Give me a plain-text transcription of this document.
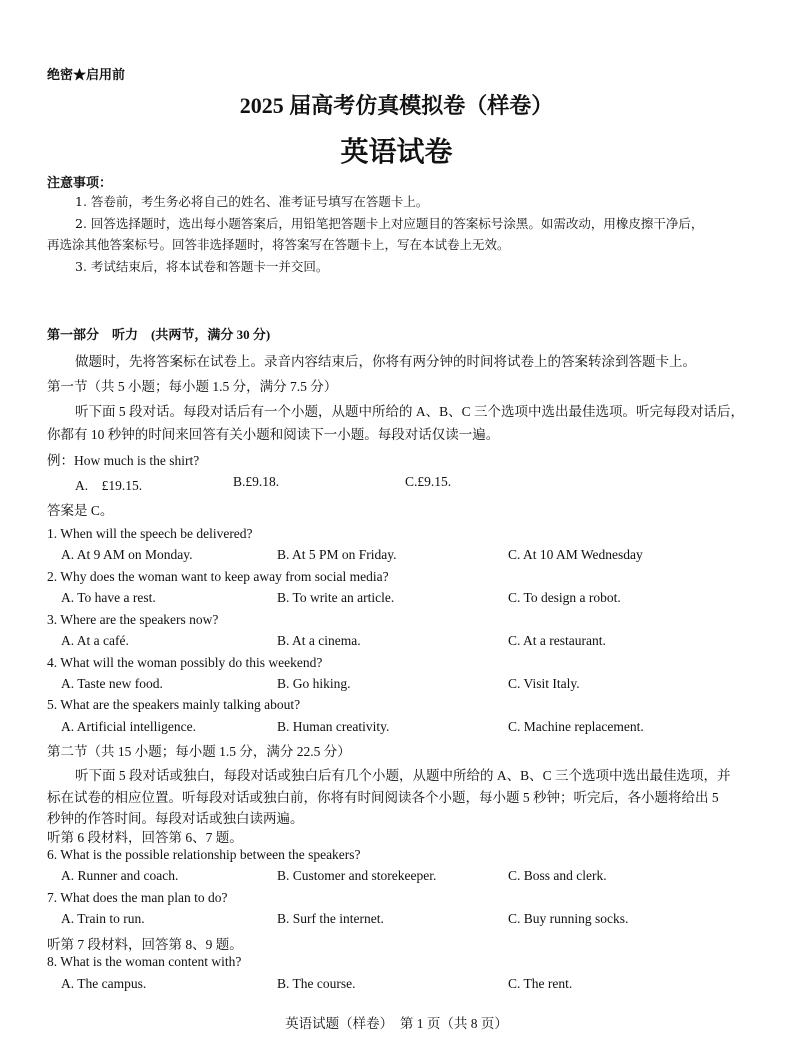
绝密★启用前
2025 届高考仿真模拟卷（样卷）
英语试卷
注意事项：
1. 答卷前，考生务必将自己的姓名、准考证号填写在答题卡上。
2. 回答选择题时，选出每小题答案后，用铅笔把答题卡上对应题目的答案标号涂黑。如需改动，用橡皮擦干净后，
再选涂其他答案标号。回答非选择题时，将答案写在答题卡上，写在本试卷上无效。
3. 考试结束后，将本试卷和答题卡一并交回。
第一部分　听力　(共两节，满分 30 分)
做题时，先将答案标在试卷上。录音内容结束后，你将有两分钟的时间将试卷上的答案转涂到答题卡上。
第一节（共 5 小题；每小题 1.5 分，满分 7.5 分）
听下面 5 段对话。每段对话后有一个小题，从题中所给的 A、B、C 三个选项中选出最佳选项。听完每段对话后，
你都有 10 秒钟的时间来回答有关小题和阅读下一小题。每段对话仅读一遍。
例：How much is the shirt?
A.　£19.15.	B.£9.18.	C.£9.15.
答案是 C。
1. When will the speech be delivered?
A. At 9 AM on Monday.	B. At 5 PM on Friday.	C. At 10 AM Wednesday
2. Why does the woman want to keep away from social media?
A. To have a rest.	B. To write an article.	C. To design a robot.
3. Where are the speakers now?
A. At a café.	B. At a cinema.	C. At a restaurant.
4. What will the woman possibly do this weekend?
A. Taste new food.	B. Go hiking.	C. Visit Italy.
5. What are the speakers mainly talking about?
A. Artificial intelligence.	B. Human creativity.	C. Machine replacement.
第二节（共 15 小题；每小题 1.5 分，满分 22.5 分）
听下面 5 段对话或独白，每段对话或独白后有几个小题，从题中所给的 A、B、C 三个选项中选出最佳选项，并
标在试卷的相应位置。听每段对话或独白前，你将有时间阅读各个小题，每小题 5 秒钟；听完后，各小题将给出 5
秒钟的作答时间。每段对话或独白读两遍。
听第 6 段材料，回答第 6、7 题。
6. What is the possible relationship between the speakers?
A. Runner and coach.	B. Customer and storekeeper.	C. Boss and clerk.
7. What does the man plan to do?
A. Train to run.	B. Surf the internet.	C. Buy running socks.
听第 7 段材料，回答第 8、9 题。
8. What is the woman content with?
A. The campus.	B. The course.	C. The rent.
英语试题（样卷）　第 1 页（共 8 页）
